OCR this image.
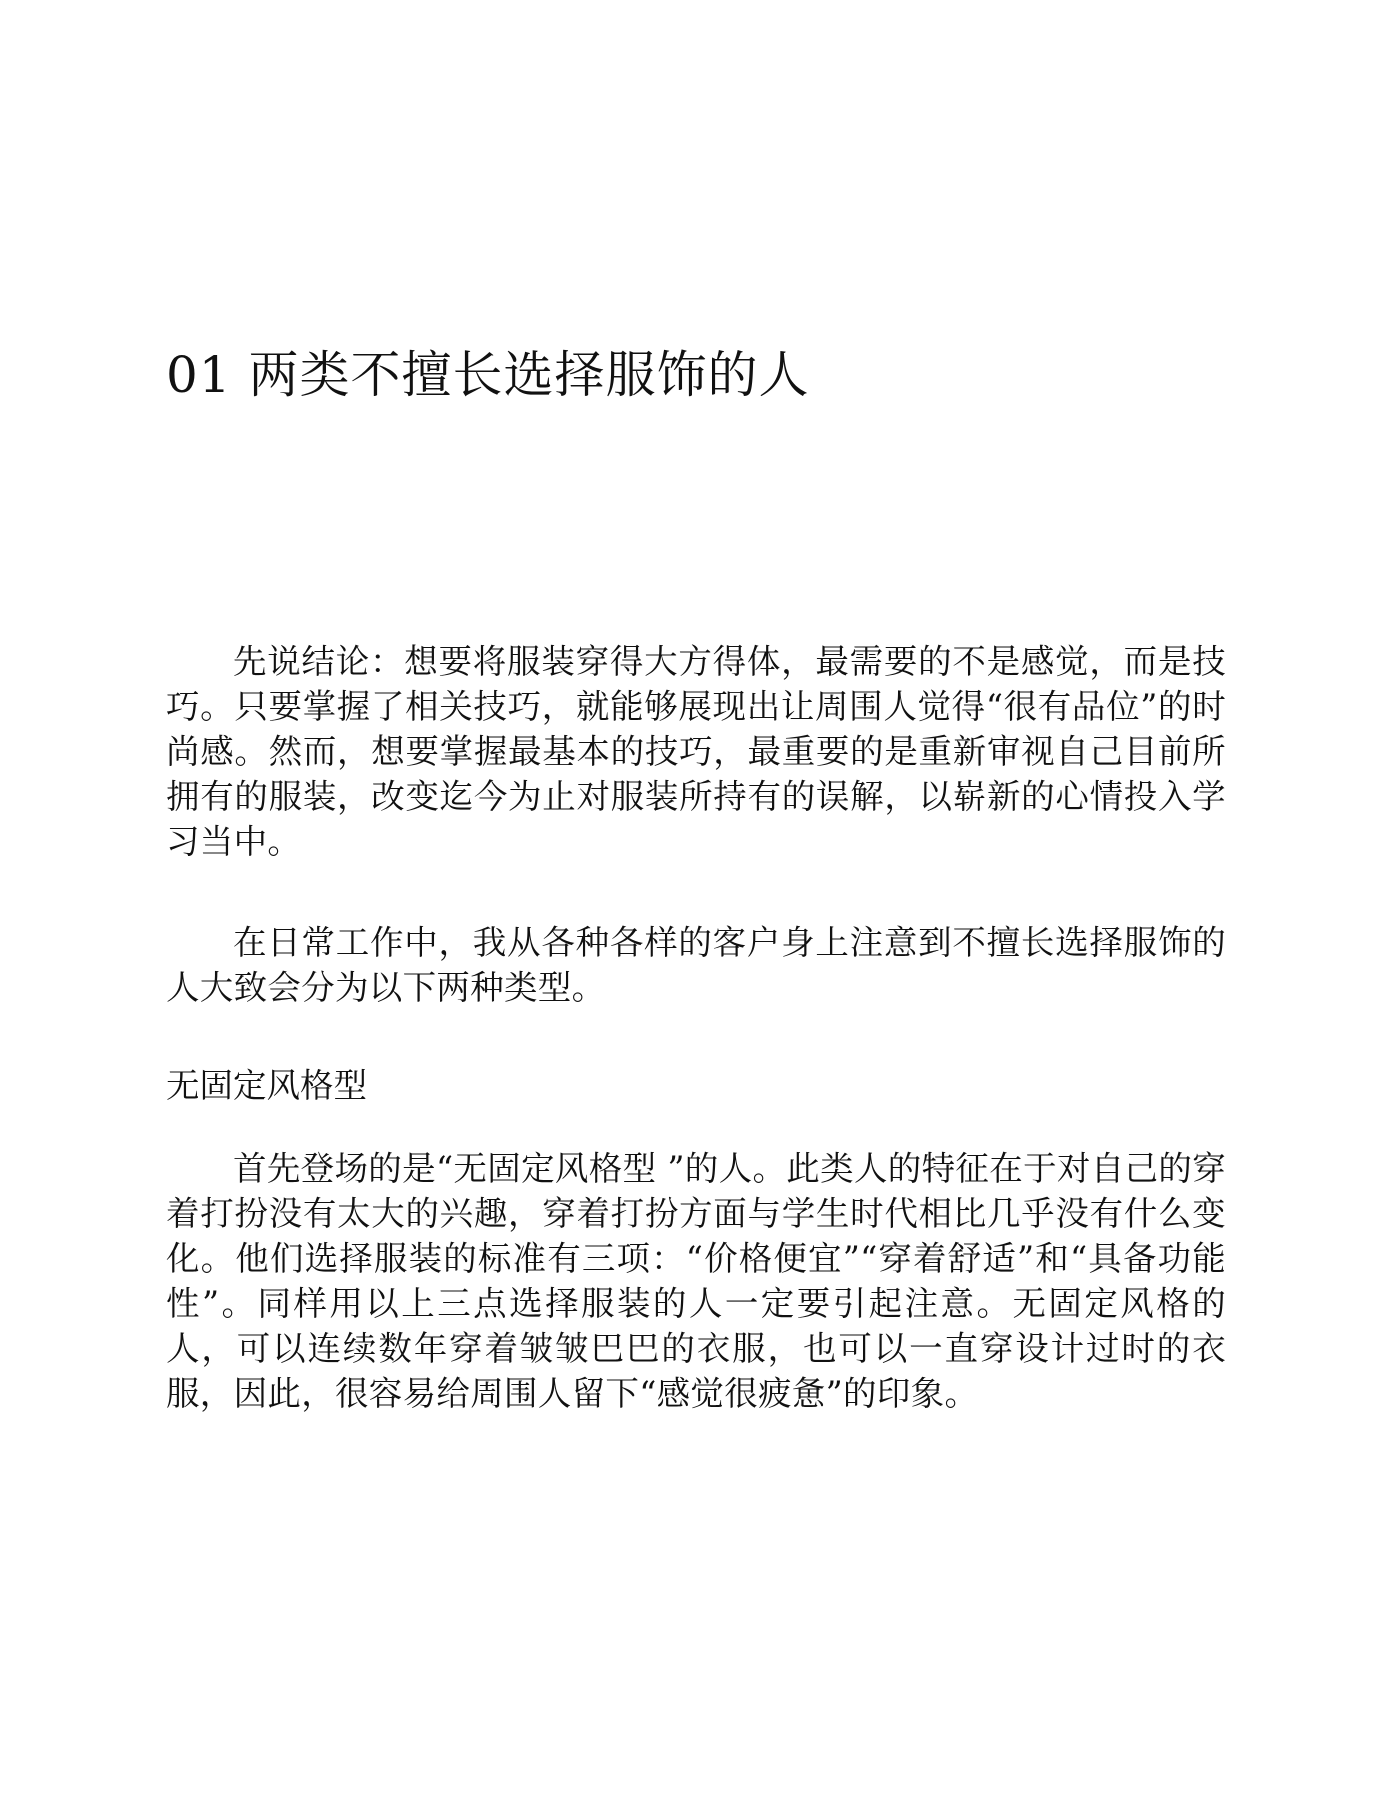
01 两类不擅长选择服饰的人

先说结论：想要将服装穿得大方得体，最需要的不是感觉，而是技巧。只要掌握了相关技巧，就能够展现出让周围人觉得“很有品位”的时尚感。然而，想要掌握最基本的技巧，最重要的是重新审视自己目前所拥有的服装，改变迄今为止对服装所持有的误解，以崭新的心情投入学习当中。

在日常工作中，我从各种各样的客户身上注意到不擅长选择服饰的人大致会分为以下两种类型。

无固定风格型

首先登场的是“无固定风格型 ”的人。此类人的特征在于对自己的穿着打扮没有太大的兴趣，穿着打扮方面与学生时代相比几乎没有什么变化。他们选择服装的标准有三项：“价格便宜”“穿着舒适”和“具备功能性”。同样用以上三点选择服装的人一定要引起注意。无固定风格的人，可以连续数年穿着皱皱巴巴的衣服，也可以一直穿设计过时的衣服，因此，很容易给周围人留下“感觉很疲惫”的印象。
